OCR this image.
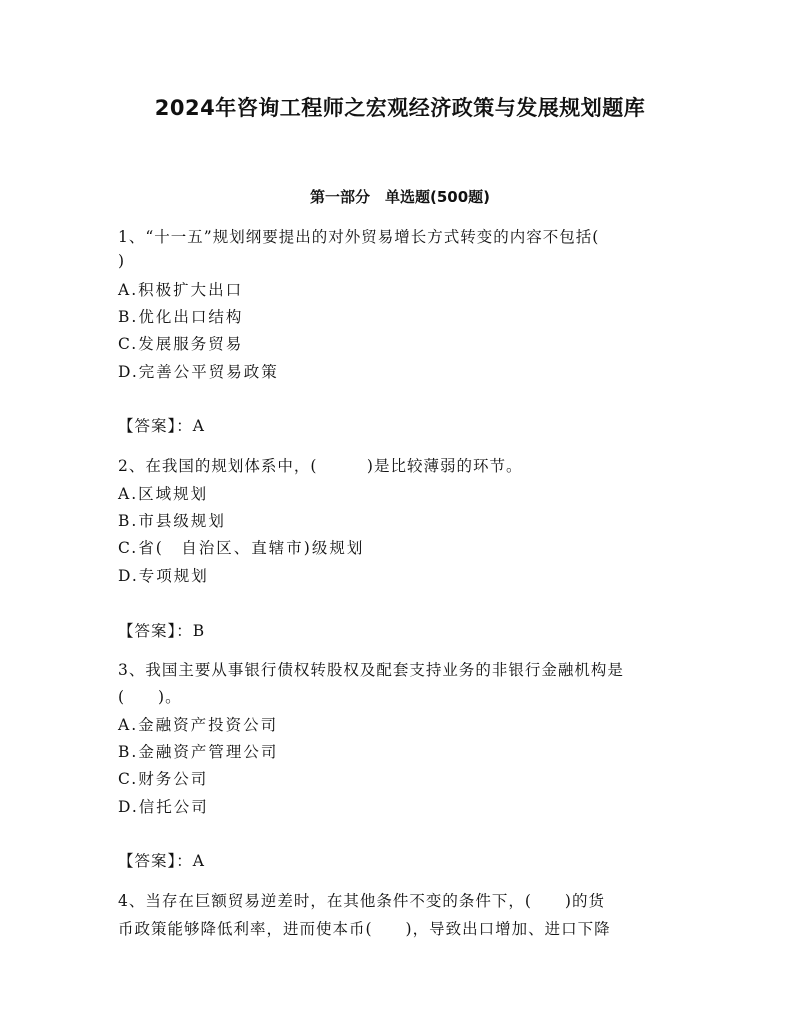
2024年咨询工程师之宏观经济政策与发展规划题库
第一部分　单选题(500题)
1、“十一五”规划纲要提出的对外贸易增长方式转变的内容不包括(
)
A.积极扩大出口
B.优化出口结构
C.发展服务贸易
D.完善公平贸易政策
【答案】：A
2、在我国的规划体系中，(　　　)是比较薄弱的环节。
A.区域规划
B.市县级规划
C.省(　自治区、直辖市)级规划
D.专项规划
【答案】：B
3、我国主要从事银行债权转股权及配套支持业务的非银行金融机构是
(　　)。
A.金融资产投资公司
B.金融资产管理公司
C.财务公司
D.信托公司
【答案】：A
4、当存在巨额贸易逆差时，在其他条件不变的条件下，(　　)的货
币政策能够降低利率，进而使本币(　　)，导致出口增加、进口下降
